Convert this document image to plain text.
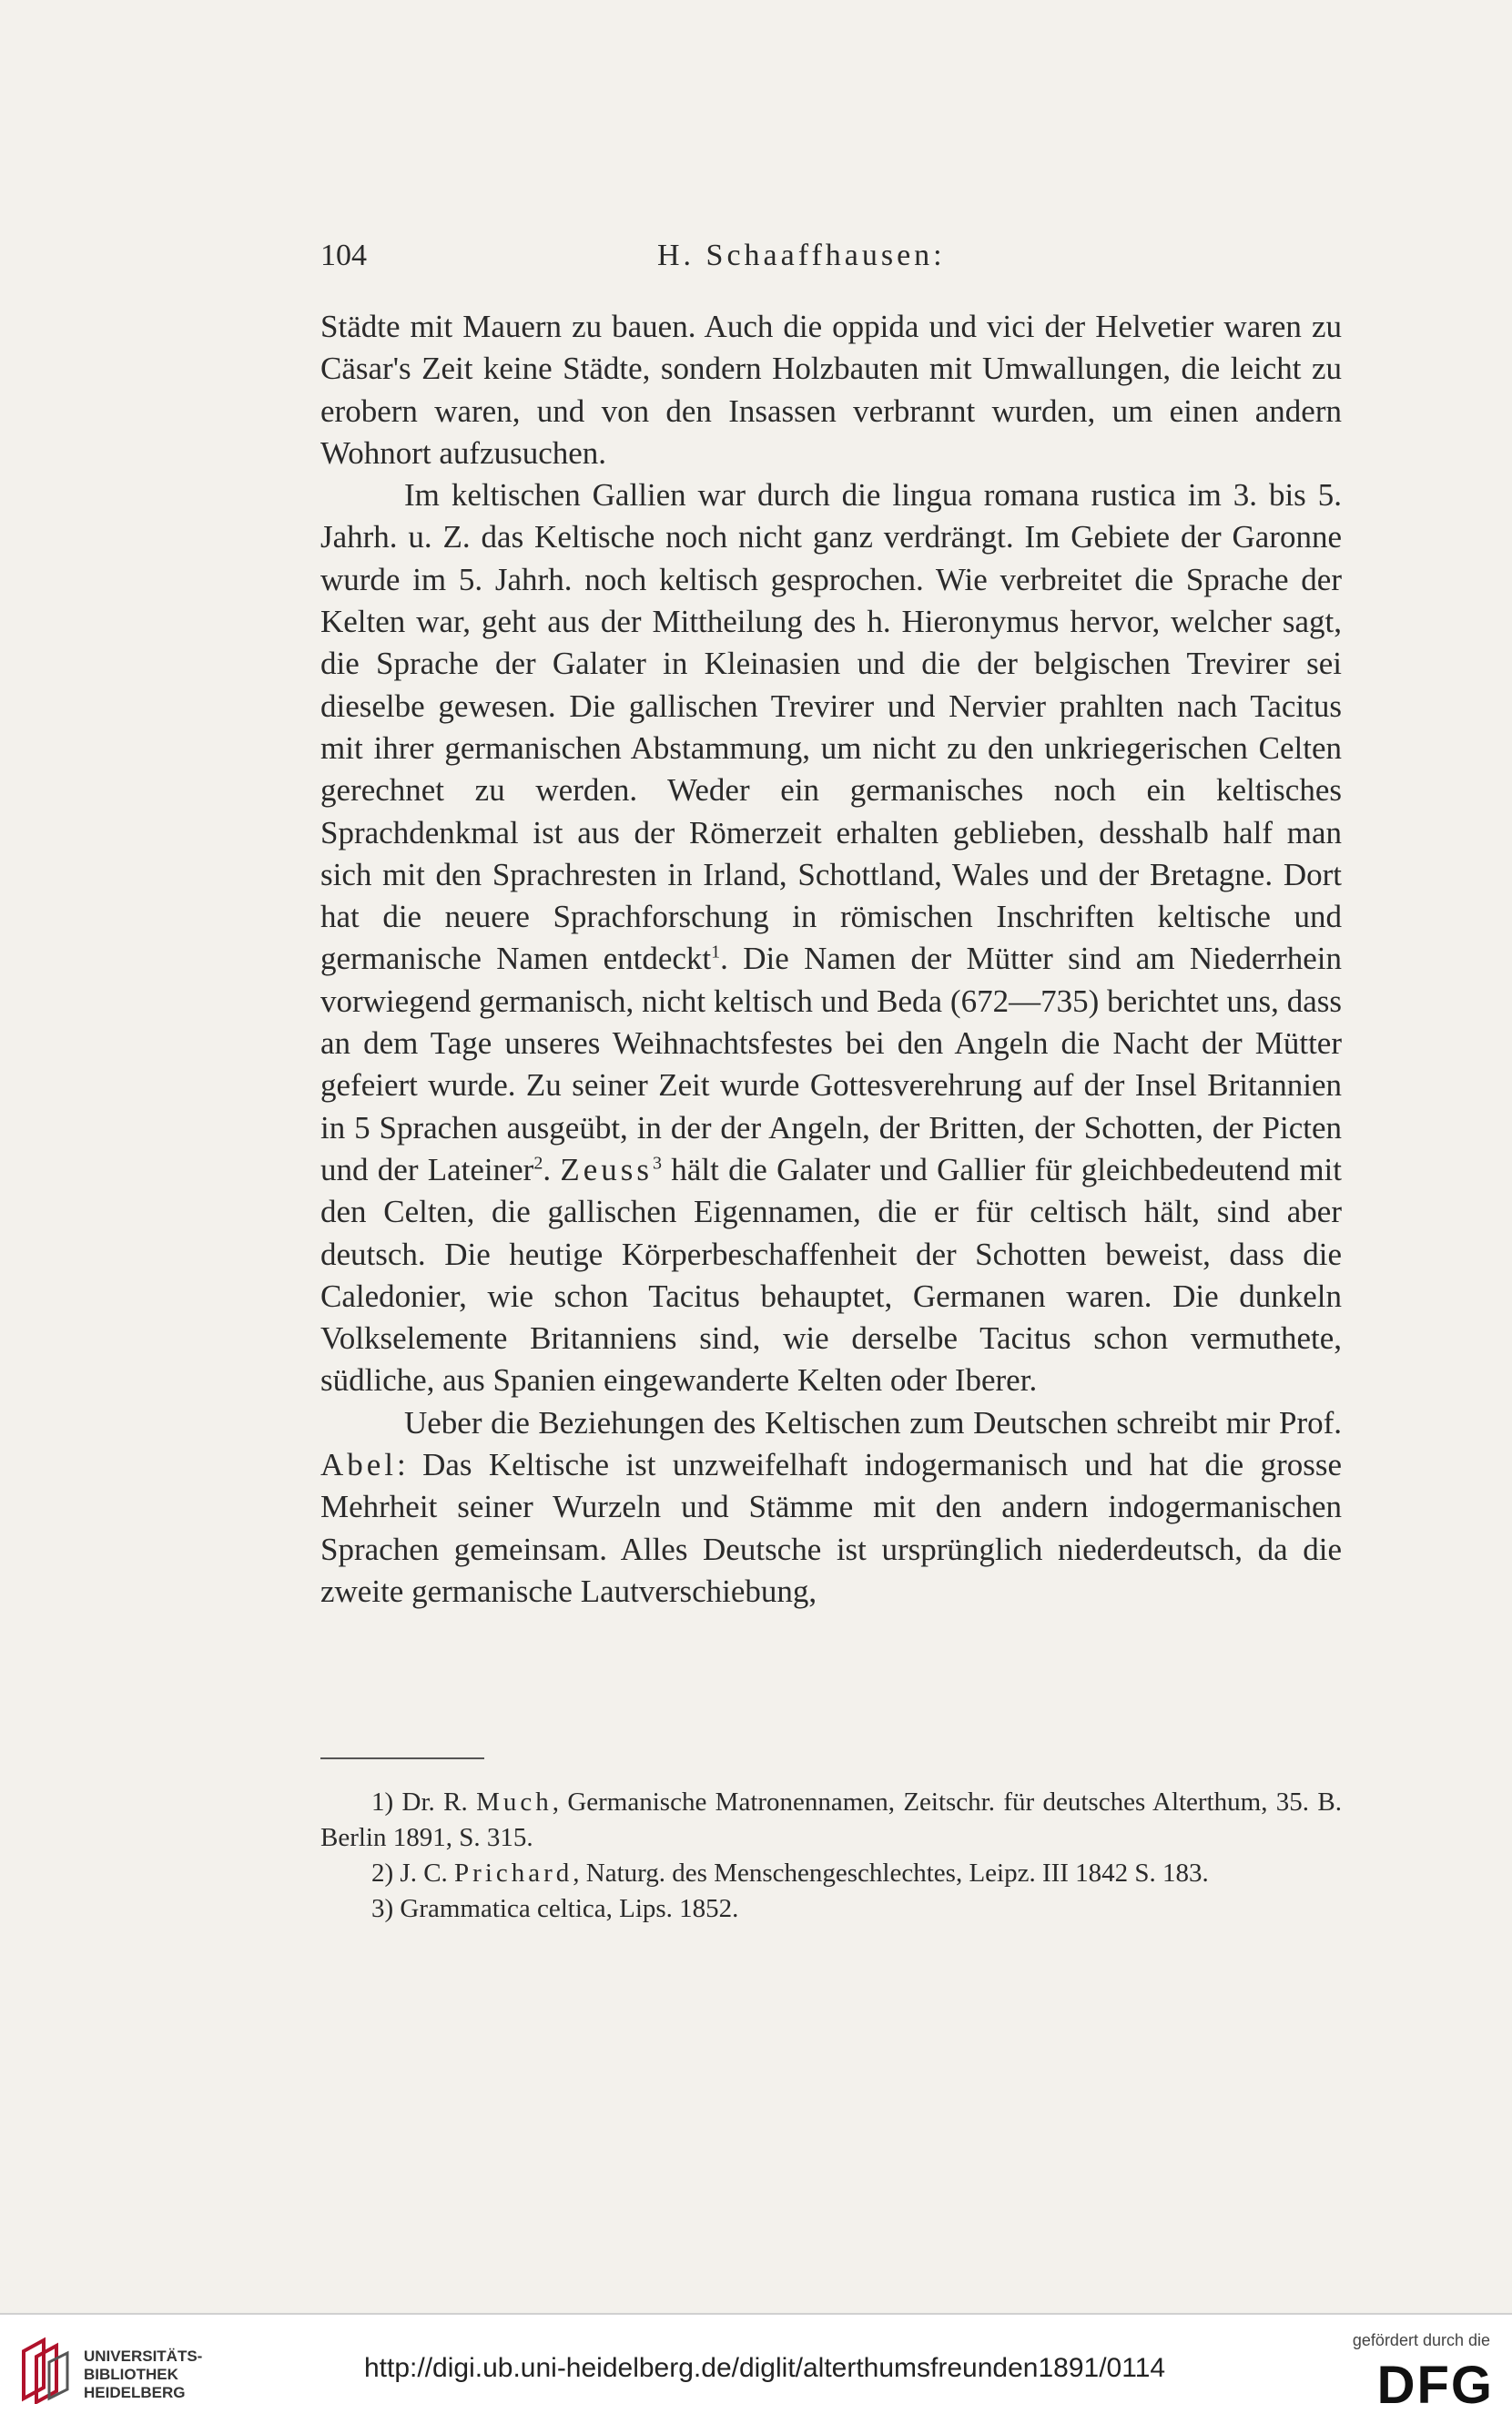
104	H. Schaaffhausen:

Städte mit Mauern zu bauen. Auch die oppida und vici der Helvetier waren zu Cäsar's Zeit keine Städte, sondern Holzbauten mit Umwallungen, die leicht zu erobern waren, und von den Insassen verbrannt wurden, um einen andern Wohnort aufzusuchen.

Im keltischen Gallien war durch die lingua romana rustica im 3. bis 5. Jahrh. u. Z. das Keltische noch nicht ganz verdrängt. Im Gebiete der Garonne wurde im 5. Jahrh. noch keltisch gesprochen. Wie verbreitet die Sprache der Kelten war, geht aus der Mittheilung des h. Hieronymus hervor, welcher sagt, die Sprache der Galater in Kleinasien und die der belgischen Trevirer sei dieselbe gewesen. Die gallischen Trevirer und Nervier prahlten nach Tacitus mit ihrer germanischen Abstammung, um nicht zu den unkriegerischen Celten gerechnet zu werden. Weder ein germanisches noch ein keltisches Sprachdenkmal ist aus der Römerzeit erhalten geblieben, desshalb half man sich mit den Sprachresten in Irland, Schottland, Wales und der Bretagne. Dort hat die neuere Sprachforschung in römischen Inschriften keltische und germanische Namen entdeckt$^1$. Die Namen der Mütter sind am Niederrhein vorwiegend germanisch, nicht keltisch und Beda (672—735) berichtet uns, dass an dem Tage unseres Weihnachtsfestes bei den Angeln die Nacht der Mütter gefeiert wurde. Zu seiner Zeit wurde Gottesverehrung auf der Insel Britannien in 5 Sprachen ausgeübt, in der der Angeln, der Britten, der Schotten, der Picten und der Lateiner$^2$. Zeuss$^3$ hält die Galater und Gallier für gleichbedeutend mit den Celten, die gallischen Eigennamen, die er für celtisch hält, sind aber deutsch. Die heutige Körperbeschaffenheit der Schotten beweist, dass die Caledonier, wie schon Tacitus behauptet, Germanen waren. Die dunkeln Volkselemente Britanniens sind, wie derselbe Tacitus schon vermuthete, südliche, aus Spanien eingewanderte Kelten oder Iberer.

Ueber die Beziehungen des Keltischen zum Deutschen schreibt mir Prof. Abel: Das Keltische ist unzweifelhaft indogermanisch und hat die grosse Mehrheit seiner Wurzeln und Stämme mit den andern indogermanischen Sprachen gemeinsam. Alles Deutsche ist ursprünglich niederdeutsch, da die zweite germanische Lautverschiebung,

1) Dr. R. Much, Germanische Matronennamen, Zeitschr. für deutsches Alterthum, 35. B. Berlin 1891, S. 315.

2) J. C. Prichard, Naturg. des Menschengeschlechtes, Leipz. III 1842 S. 183.

3) Grammatica celtica, Lips. 1852.

UNIVERSITÄTS-
BIBLIOTHEK
HEIDELBERG
http://digi.ub.uni-heidelberg.de/diglit/alterthumsfreunden1891/0114
gefördert durch die
DFG
